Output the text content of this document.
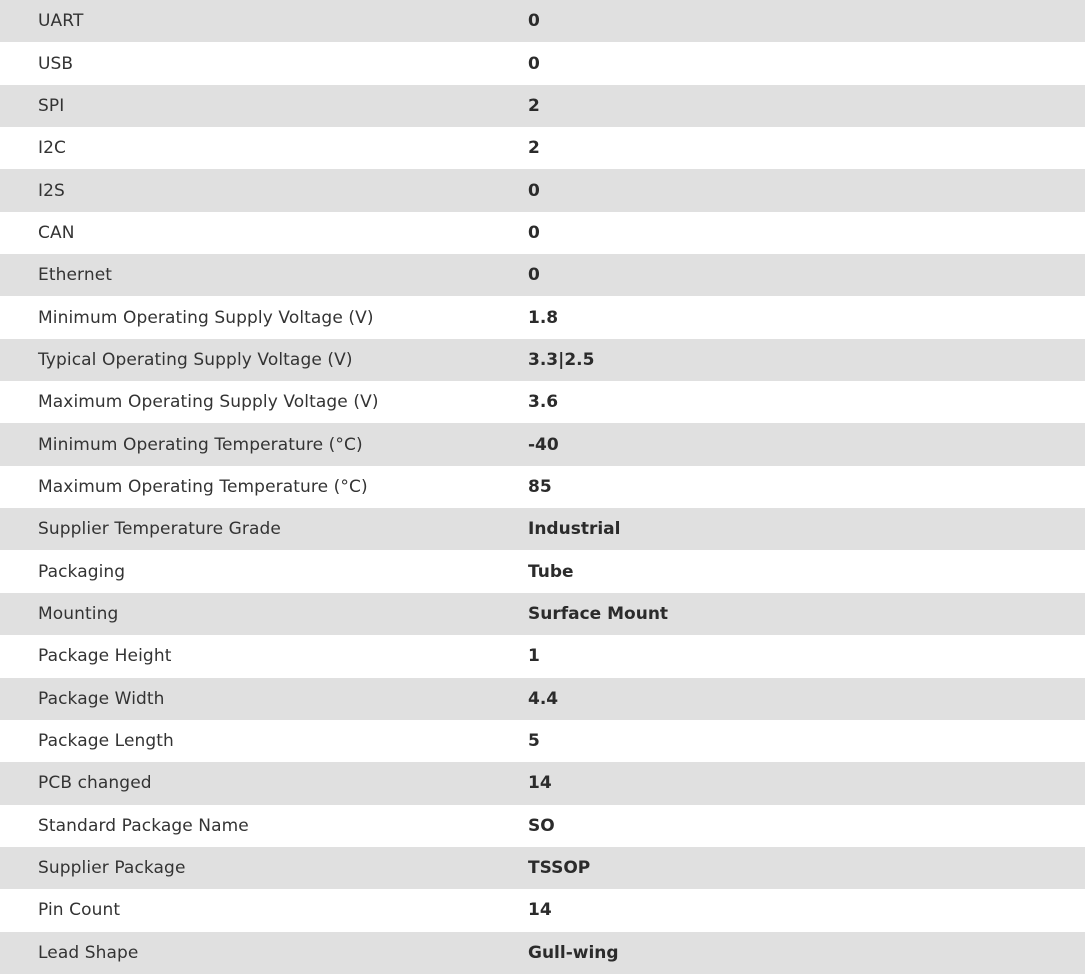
UART	0
USB	0
SPI	2
I2C	2
I2S	0
CAN	0
Ethernet	0
Minimum Operating Supply Voltage (V)	1.8
Typical Operating Supply Voltage (V)	3.3|2.5
Maximum Operating Supply Voltage (V)	3.6
Minimum Operating Temperature (°C)	-40
Maximum Operating Temperature (°C)	85
Supplier Temperature Grade	Industrial
Packaging	Tube
Mounting	Surface Mount
Package Height	1
Package Width	4.4
Package Length	5
PCB changed	14
Standard Package Name	SO
Supplier Package	TSSOP
Pin Count	14
Lead Shape	Gull-wing
